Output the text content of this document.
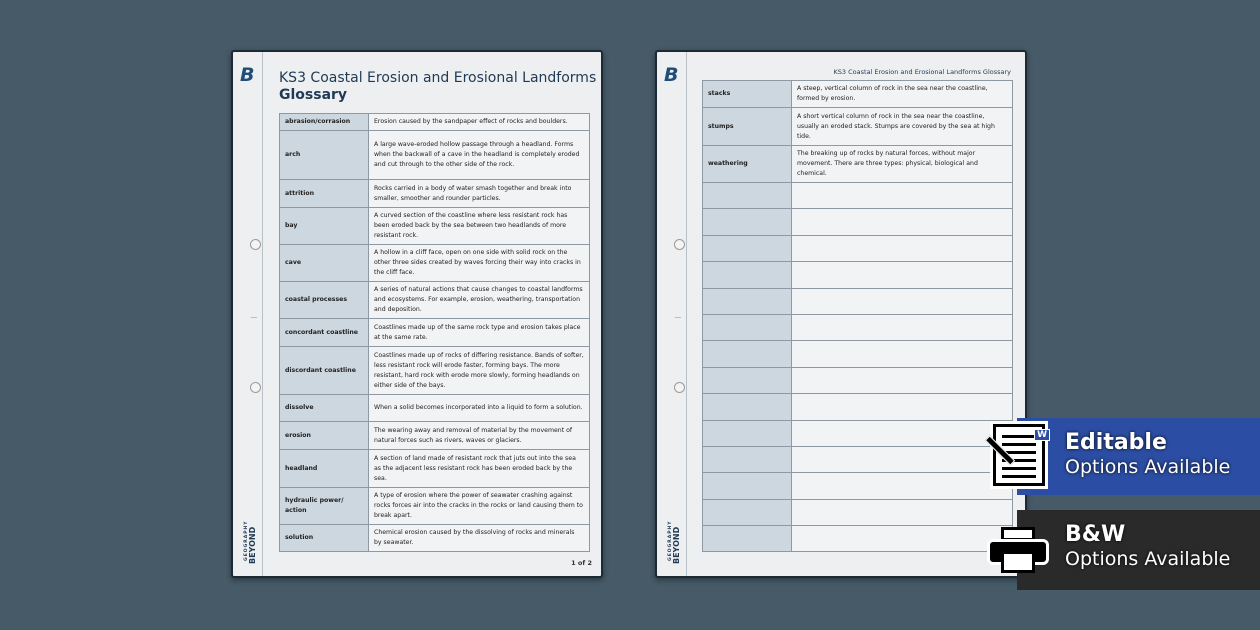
B
BEYOND
GEOGRAPHY
KS3 Coastal Erosion and Erosional Landforms
Glossary
abrasion/corrasion	Erosion caused by the sandpaper effect of rocks and boulders.
arch	A large wave-eroded hollow passage through a headland. Forms when the backwall of a cave in the headland is completely eroded and cut through to the other side of the rock.
attrition	Rocks carried in a body of water smash together and break into smaller, smoother and rounder particles.
bay	A curved section of the coastline where less resistant rock has been eroded back by the sea between two headlands of more resistant rock.
cave	A hollow in a cliff face, open on one side with solid rock on the other three sides created by waves forcing their way into cracks in the cliff face.
coastal processes	A series of natural actions that cause changes to coastal landforms and ecosystems. For example, erosion, weathering, transportation and deposition.
concordant coastline	Coastlines made up of the same rock type and erosion takes place at the same rate.
discordant coastline	Coastlines made up of rocks of differing resistance. Bands of softer, less resistant rock will erode faster, forming bays. The more resistant, hard rock with erode more slowly, forming headlands on either side of the bays.
dissolve	When a solid becomes incorporated into a liquid to form a solution.
erosion	The wearing away and removal of material by the movement of natural forces such as rivers, waves or glaciers.
headland	A section of land made of resistant rock that juts out into the sea as the adjacent less resistant rock has been eroded back by the sea.
hydraulic power/ action	A type of erosion where the power of seawater crashing against rocks forces air into the cracks in the rocks or land causing them to break apart.
solution	Chemical erosion caused by the dissolving of rocks and minerals by seawater.
1 of 2
B
BEYOND
GEOGRAPHY
KS3 Coastal Erosion and Erosional Landforms Glossary
stacks	A steep, vertical column of rock in the sea near the coastline, formed by erosion.
stumps	A short vertical column of rock in the sea near the coastline, usually an eroded stack. Stumps are covered by the sea at high tide.
weathering	The breaking up of rocks by natural forces, without major movement. There are three types: physical, biological and chemical.

Editable
Options Available
W
B&W
Options Available
